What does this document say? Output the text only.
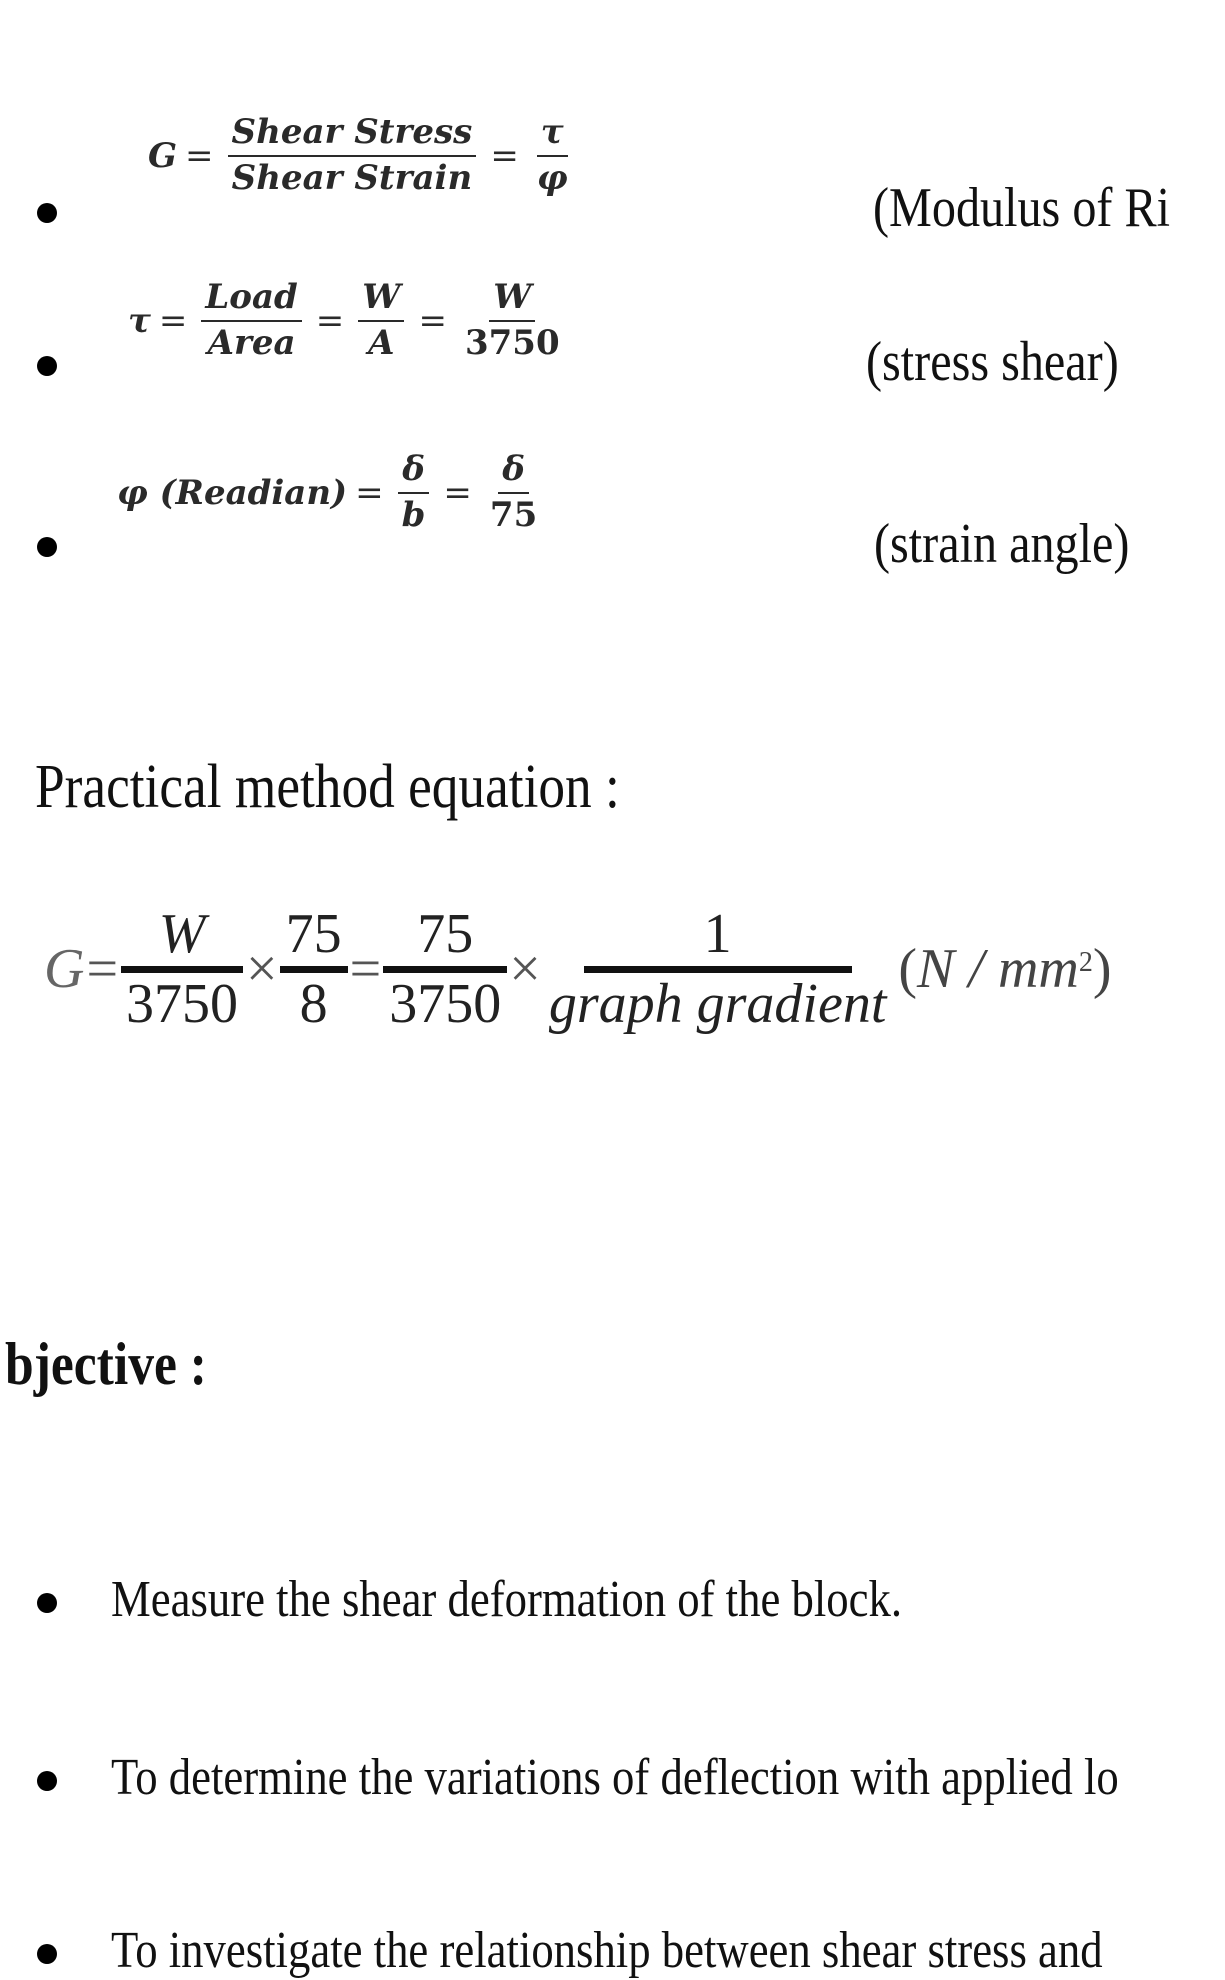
$G = \frac{\text{Shear Stress}}{\text{Shear Strain}} = \frac{\tau}{\varphi}$
(Modulus of Ri
$\tau = \frac{\text{Load}}{\text{Area}} = \frac{W}{A} = \frac{W}{3750}$
(stress shear)
φ (Readian) = $\frac{\delta}{b} = \frac{\delta}{75}$
(strain angle)
Practical method equation :
$G = \frac{W}{3750} \times \frac{75}{8} = \frac{75}{3750} \times \frac{1}{\text{graph gradient}}$ ( N / $mm^2$ )
bjective :
Measure the shear deformation of the block.
To determine the variations of deflection with applied lo
To investigate the relationship between shear stress and
